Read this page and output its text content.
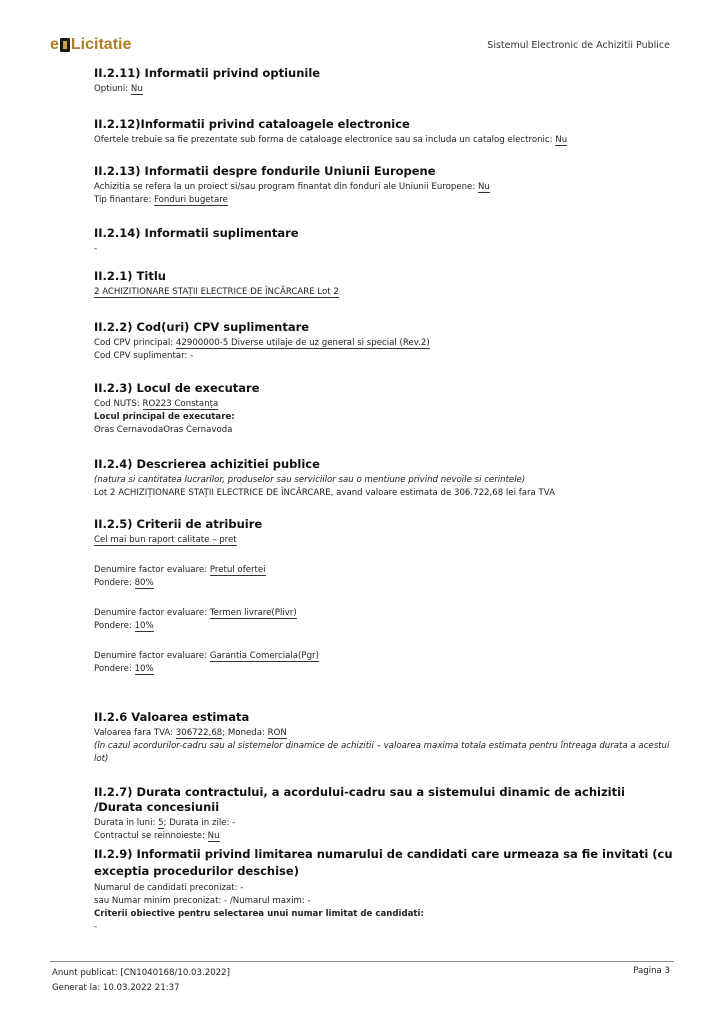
e Licitatie	Sistemul Electronic de Achizitii Publice
II.2.11) Informatii privind optiunile
Optiuni: Nu
II.2.12)Informatii privind cataloagele electronice
Ofertele trebuie sa fie prezentate sub forma de cataloage electronice sau sa includa un catalog electronic: Nu
II.2.13) Informatii despre fondurile Uniunii Europene
Achizitia se refera la un proiect si/sau program finantat din fonduri ale Uniunii Europene: Nu
Tip finantare: Fonduri bugetare
II.2.14) Informatii suplimentare
-
II.2.1) Titlu
2 ACHIZITIONARE STAȚII ELECTRICE DE ÎNCĂRCARE Lot 2
II.2.2) Cod(uri) CPV suplimentare
Cod CPV principal: 42900000-5 Diverse utilaje de uz general si special (Rev.2)
Cod CPV suplimentar: -
II.2.3) Locul de executare
Cod NUTS: RO223 Constanța
Locul principal de executare:
Oras CernavodaOras Cernavoda
II.2.4) Descrierea achizitiei publice
(natura si cantitatea lucrarilor, produselor sau serviciilor sau o mentiune privind nevoile si cerintele)
Lot 2 ACHIZIȚIONARE STAȚII ELECTRICE DE ÎNCĂRCARE, avand valoare estimata de 306.722,68 lei fara TVA
II.2.5) Criterii de atribuire
Cel mai bun raport calitate – pret
Denumire factor evaluare: Pretul ofertei
Pondere: 80%
Denumire factor evaluare: Termen livrare(Plivr)
Pondere: 10%
Denumire factor evaluare: Garantia Comerciala(Pgr)
Pondere: 10%
II.2.6 Valoarea estimata
Valoarea fara TVA: 306722,68; Moneda: RON
(în cazul acordurilor-cadru sau al sistemelor dinamice de achizitii – valoarea maxima totala estimata pentru întreaga durata a acestui lot)
II.2.7) Durata contractului, a acordului-cadru sau a sistemului dinamic de achizitii /Durata concesiunii
Durata in luni: 5; Durata in zile: -
Contractul se reinnoieste: Nu
II.2.9) Informatii privind limitarea numarului de candidati care urmeaza sa fie invitati (cu exceptia procedurilor deschise)
Numarul de candidati preconizat: -
sau Numar minim preconizat: - /Numarul maxim: -
Criterii obiective pentru selectarea unui numar limitat de candidati:
-
Anunt publicat: [CN1040168/10.03.2022]
Generat la: 10.03.2022 21:37
Pagina 3
